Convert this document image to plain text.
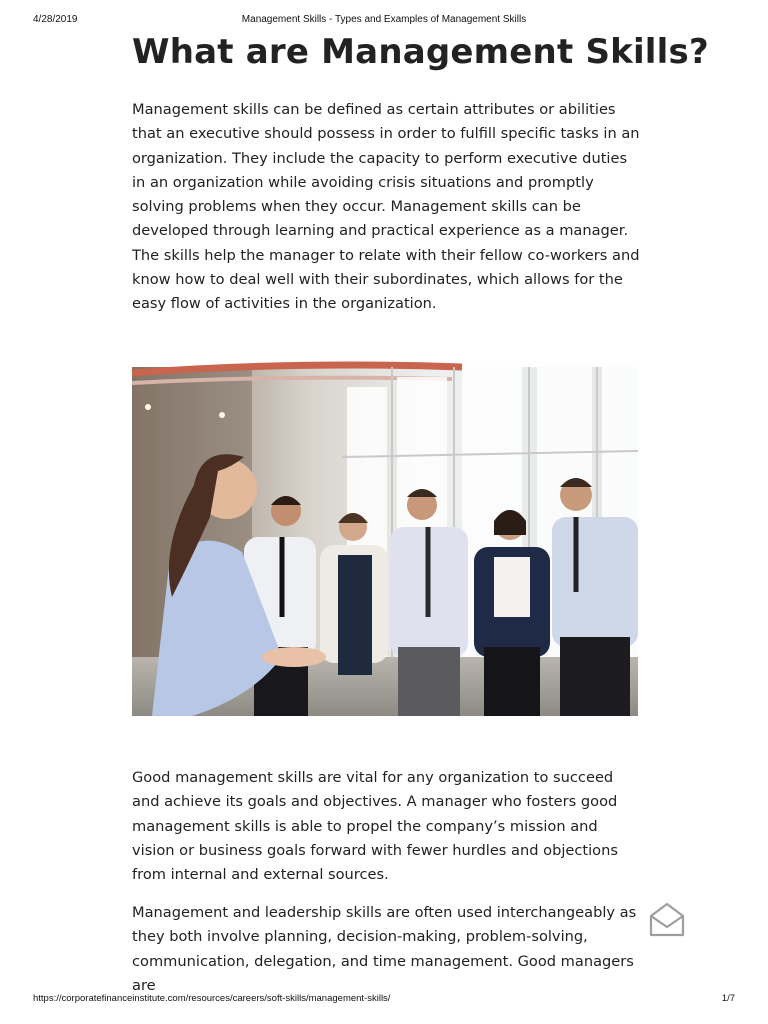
4/28/2019	Management Skills - Types and Examples of Management Skills
What are Management Skills?

Management skills can be defined as certain attributes or abilities that an executive should possess in order to fulfill specific tasks in an organization. They include the capacity to perform executive duties in an organization while avoiding crisis situations and promptly solving problems when they occur. Management skills can be developed through learning and practical experience as a manager. The skills help the manager to relate with their fellow co-workers and know how to deal well with their subordinates, which allows for the easy flow of activities in the organization.

Good management skills are vital for any organization to succeed and achieve its goals and objectives. A manager who fosters good management skills is able to propel the company’s mission and vision or business goals forward with fewer hurdles and objections from internal and external sources.

Management and leadership skills are often used interchangeably as they both involve planning, decision-making, problem-solving, communication, delegation, and time management. Good managers are

https://corporatefinanceinstitute.com/resources/careers/soft-skills/management-skills/	1/7
